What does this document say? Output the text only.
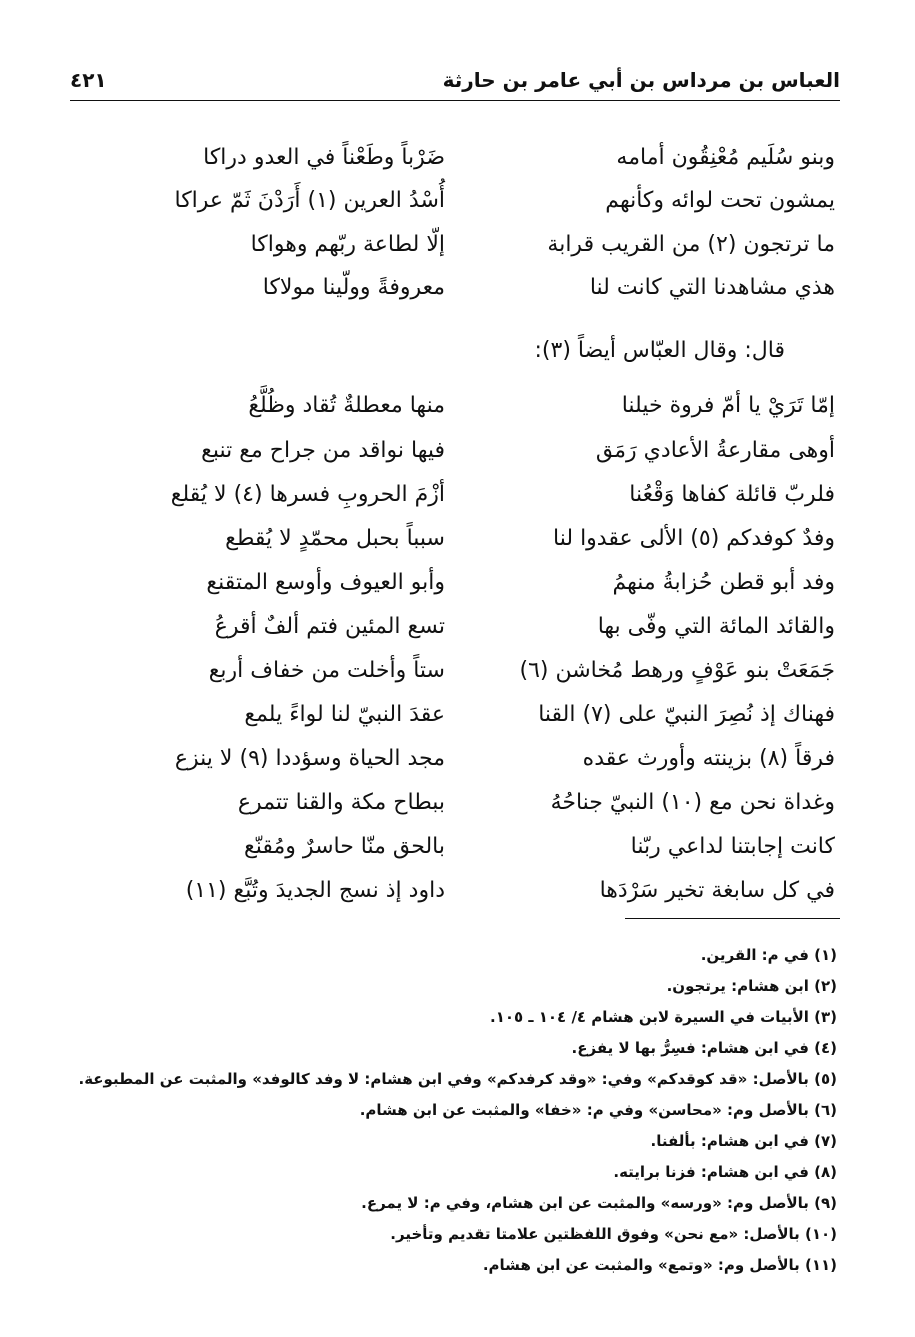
العباس بن مرداس بن أبي عامر بن حارثة
٤٢١
وبنو سُلَيم مُعْنِقُون أمامه
ضَرْباً وطَعْناً في العدو دراكا
يمشون تحت لوائه وكأنهم
أُسْدُ العرين (١) أَرَدْنَ ثَمّ عراكا
ما ترتجون (٢) من القريب قرابة
إلّا لطاعة ربّهم وهواكا
هذي مشاهدنا التي كانت لنا
معروفةً وولّينا مولاكا
قال: وقال العبّاس أيضاً (٣):
إمّا تَرَيْ يا أمّ فروة خيلنا
منها معطلةٌ تُقاد وظُلَّعُ
أوهى مقارعةُ الأعادي رَمَق
فيها نواقد من جراح مع تنبع
فلربّ قائلة كفاها وَقْعُنا
أزْمَ الحروبِ فسرها (٤) لا يُقلع
وفدٌ كوفدكم (٥) الألى عقدوا لنا
سبباً بحبل محمّدٍ لا يُقطع
وفد أبو قطن حُزابةُ منهمُ
وأبو العيوف وأوسع المتقنع
والقائد المائة التي وفّى بها
تسع المئين فتم ألفٌ أقرعُ
جَمَعَتْ بنو عَوْفٍ ورهط مُخاشن (٦)
ستاً وأخلت من خفاف أربع
فهناك إذ نُصِرَ النبيّ على (٧) القنا
عقدَ النبيّ لنا لواءً يلمع
فرقاً (٨) بزينته وأورث عقده
مجد الحياة وسؤددا (٩) لا ينزع
وغداة نحن مع (١٠) النبيّ جناحُهُ
ببطاح مكة والقنا تتمرع
كانت إجابتنا لداعي ربّنا
بالحق منّا حاسرٌ ومُقنّع
في كل سابغة تخير سَرْدَها
داود إذ نسج الجديدَ وتُبَّع (١١)
(١) في م: القرين.
(٢) ابن هشام: يرتجون.
(٣) الأبيات في السيرة لابن هشام ٤/ ١٠٤ ـ ١٠٥.
(٤) في ابن هشام: فسِرُّ بها لا يفزع.
(٥) بالأصل: «قد كوقدكم» وفي: «وقد كرفدكم» وفي ابن هشام: لا وفد كالوفد» والمثبت عن المطبوعة.
(٦) بالأصل وم: «محاسن» وفي م: «خفا» والمثبت عن ابن هشام.
(٧) في ابن هشام: بألفنا.
(٨) في ابن هشام: فزنا برايته.
(٩) بالأصل وم: «ورسه» والمثبت عن ابن هشام، وفي م: لا يمرع.
(١٠) بالأصل: «مع نحن» وفوق اللفظتين علامتا تقديم وتأخير.
(١١) بالأصل وم: «وتمع» والمثبت عن ابن هشام.
